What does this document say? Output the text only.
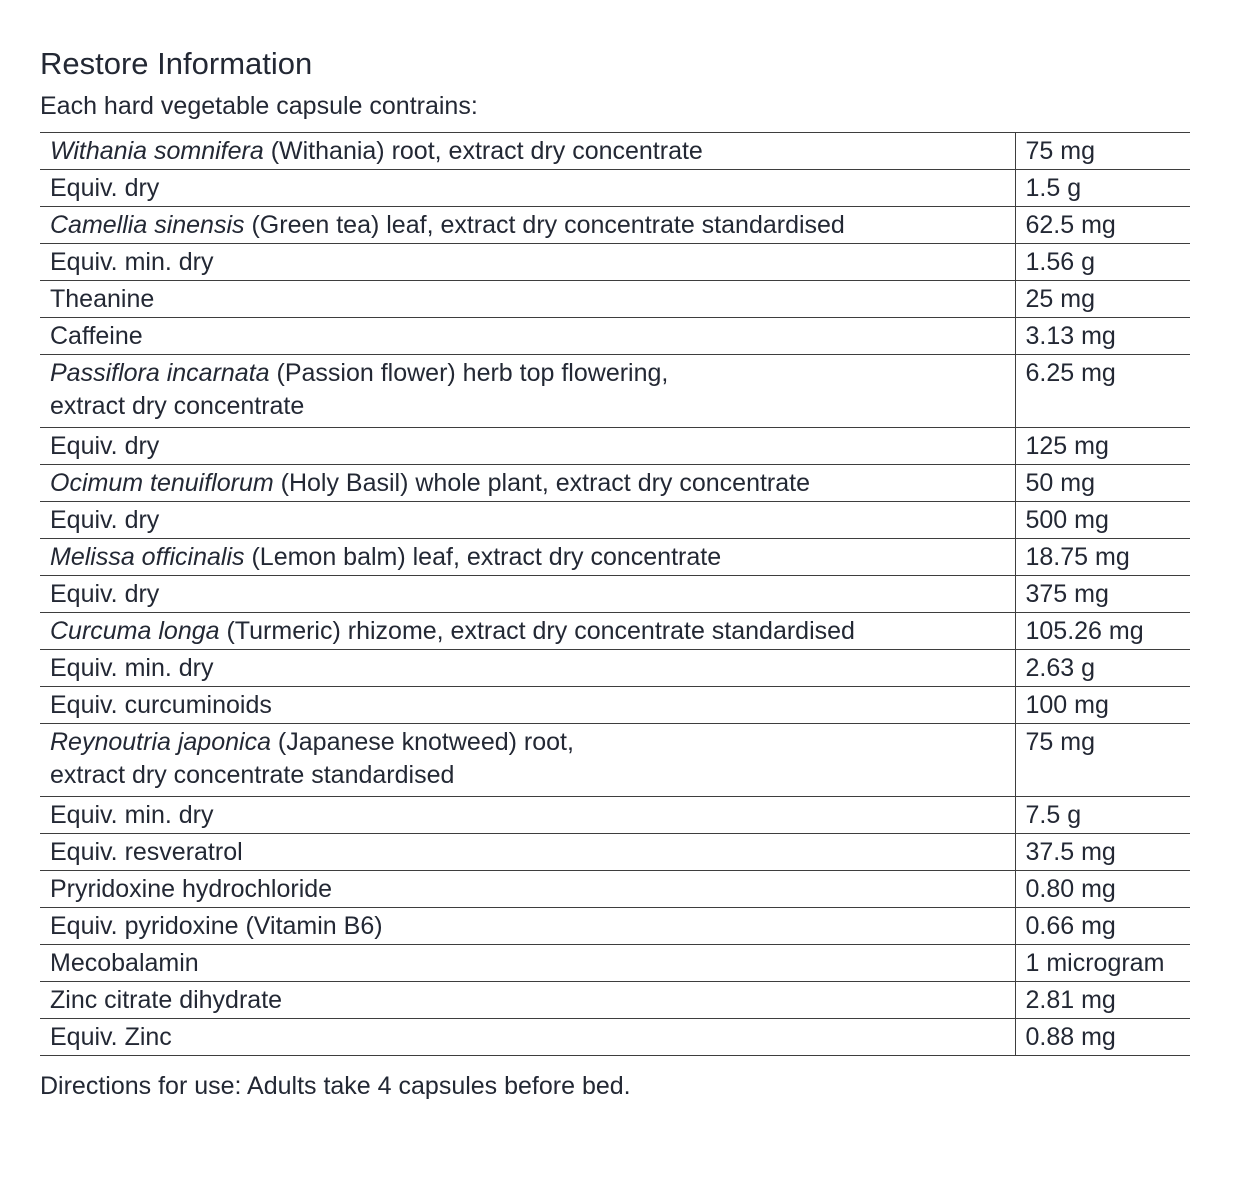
Restore Information

Each hard vegetable capsule contrains:

Withania somnifera (Withania) root, extract dry concentrate	75 mg
Equiv. dry	1.5 g
Camellia sinensis (Green tea) leaf, extract dry concentrate standardised	62.5 mg
Equiv. min. dry	1.56 g
Theanine	25 mg
Caffeine	3.13 mg
Passiflora incarnata (Passion flower) herb top flowering,
extract dry concentrate	6.25 mg
Equiv. dry	125 mg
Ocimum tenuiflorum (Holy Basil) whole plant, extract dry concentrate	50 mg
Equiv. dry	500 mg
Melissa officinalis (Lemon balm) leaf, extract dry concentrate	18.75 mg
Equiv. dry	375 mg
Curcuma longa (Turmeric) rhizome, extract dry concentrate standardised	105.26 mg
Equiv. min. dry	2.63 g
Equiv. curcuminoids	100 mg
Reynoutria japonica (Japanese knotweed) root,
extract dry concentrate standardised	75 mg
Equiv. min. dry	7.5 g
Equiv. resveratrol	37.5 mg
Pryridoxine hydrochloride	0.80 mg
Equiv. pyridoxine (Vitamin B6)	0.66 mg
Mecobalamin	1 microgram
Zinc citrate dihydrate	2.81 mg
Equiv. Zinc	0.88 mg

Directions for use: Adults take 4 capsules before bed.
